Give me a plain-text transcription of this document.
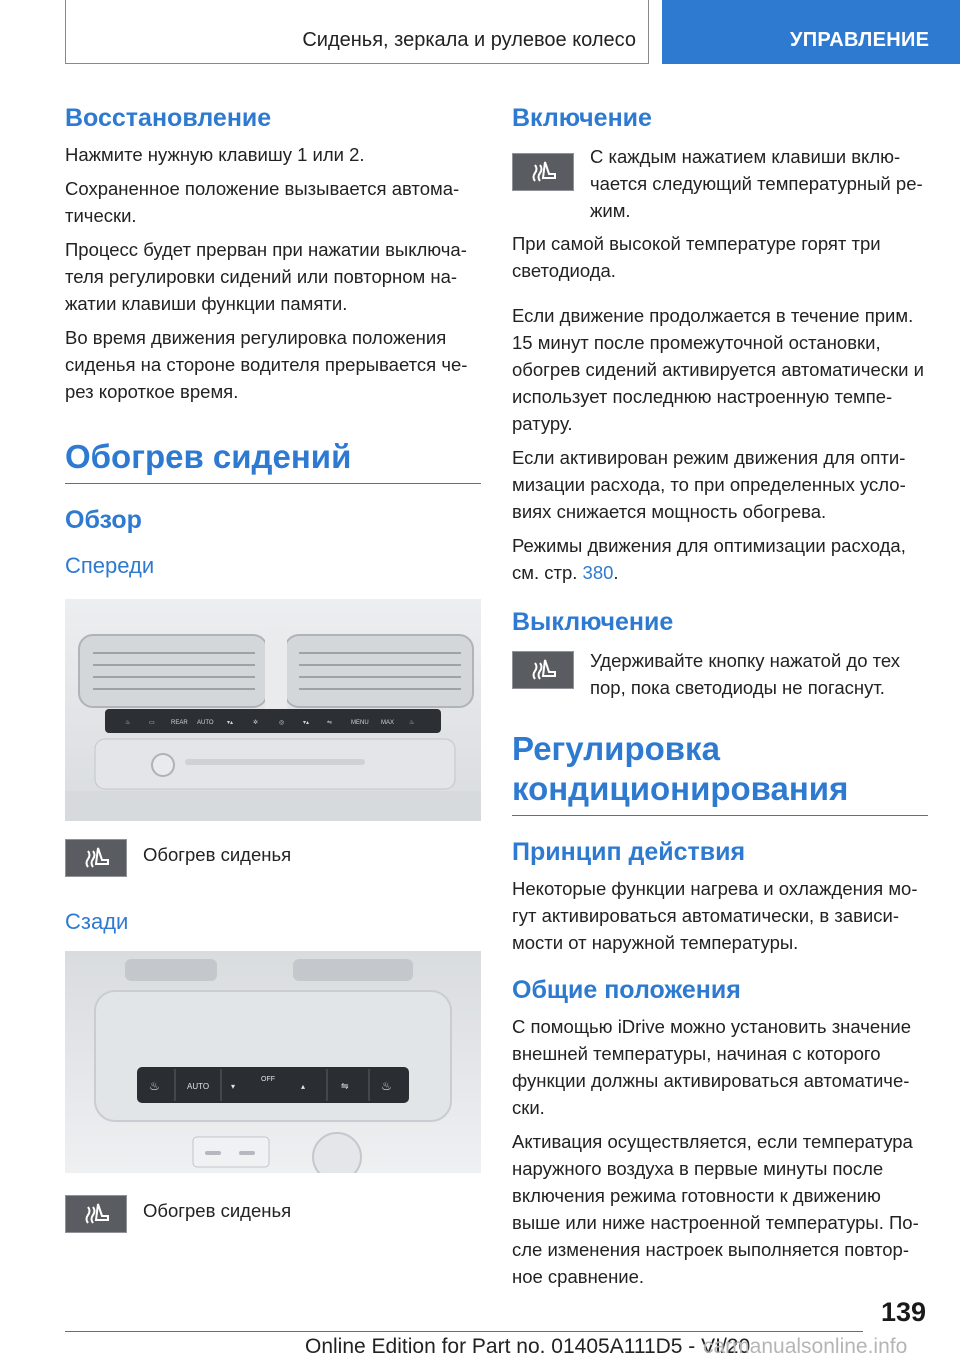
Сиденья, зеркала и рулевое колесо	УПРАВЛЕНИЕ
Восстановление

Нажмите нужную клавишу 1 или 2.

Сохраненное положение вызывается автоматически.

Процесс будет прерван при нажатии выключателя регулировки сидений или повторном нажатии клавиши функции памяти.

Во время движения регулировка положения сиденья на стороне водителя прерывается через короткое время.

Обогрев сидений
Обзор
Спереди
♨	▭	REAR AUTO ▾▴	✲	◎	▾▴	⇋	MENU MAX ♨

Обогрев сиденья

Сзади
♨	AUTO	▾
OFF
▴	⇋	♨

Обогрев сиденья

Включение

С каждым нажатием клавиши включается следующий температурный режим.

При самой высокой температуре горят три светодиода.

Если движение продолжается в течение прим. 15 минут после промежуточной остановки, обогрев сидений активируется автоматически и использует последнюю настроенную температуру.

Если активирован режим движения для оптимизации расхода, то при определенных условиях снижается мощность обогрева.

Режимы движения для оптимизации расхода, см. стр. 380.

Выключение

Удерживайте кнопку нажатой до тех пор, пока светодиоды не погаснут.

Регулировка кондиционирования
Принцип действия

Некоторые функции нагрева и охлаждения могут активироваться автоматически, в зависимости от наружной температуры.

Общие положения

С помощью iDrive можно установить значение внешней температуры, начиная с которого функции должны активироваться автоматически.

Активация осуществляется, если температура наружного воздуха в первые минуты после включения режима готовности к движению выше или ниже настроенной температуры. После изменения настроек выполняется повторное сравнение.

139
Online Edition for Part no. 01405A111D5 - VI/20
carmanualsonline.info
